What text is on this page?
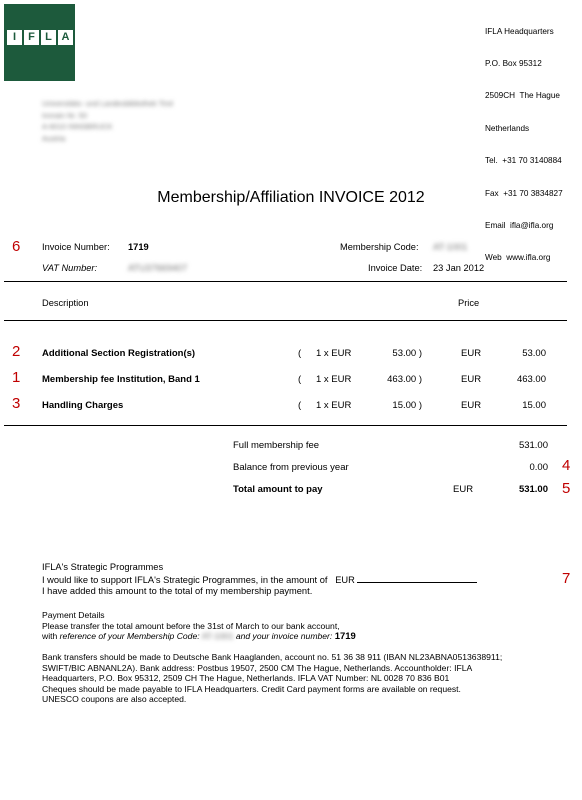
I	F L A

	IFLA Headquarters

P.O. Box 95312

2509CH  The Hague

Netherlands

Tel.  +31 70 3140884

Fax  +31 70 3834827

Email  ifla@ifla.org

Web  www.ifla.org

Universitäts- und Landesbibliothek Tirol
Innrain Nr. 50
A-6010 INNSBRUCK
Austria
Membership/Affiliation INVOICE 2012
6
2
1
3
4
5
7
Invoice Number: 1719
VAT Number:	ATU37669407
Membership Code: AT-1001
Invoice Date: 23 Jan 2012
Description	Price
Additional Section Registration(s)	( 1 x EUR	53.00 )	EUR	53.00
Membership fee Institution, Band 1	( 1 x EUR	463.00 )	EUR	463.00
Handling Charges	( 1 x EUR	15.00 )	EUR	15.00
Full membership fee	531.00
Balance from previous year	0.00
Total amount to pay	EUR	531.00
IFLA's Strategic Programmes
I would like to support IFLA's Strategic Programmes, in the amount of EUR
I have added this amount to the total of my membership payment.
Payment Details
Please transfer the total amount before the 31st of March to our bank account,
with reference of your Membership Code: AT-1001 and your invoice number: 1719
Bank transfers should be made to Deutsche Bank Haaglanden, account no. 51 36 38 911 (IBAN NL23ABNA0513638911;
SWIFT/BIC ABNANL2A). Bank address: Postbus 19507, 2500 CM The Hague, Netherlands. Accountholder: IFLA
Headquarters, P.O. Box 95312, 2509 CH The Hague, Netherlands. IFLA VAT Number: NL 0028 70 836 B01
Cheques should be made payable to IFLA Headquarters. Credit Card payment forms are available on request.
UNESCO coupons are also accepted.
